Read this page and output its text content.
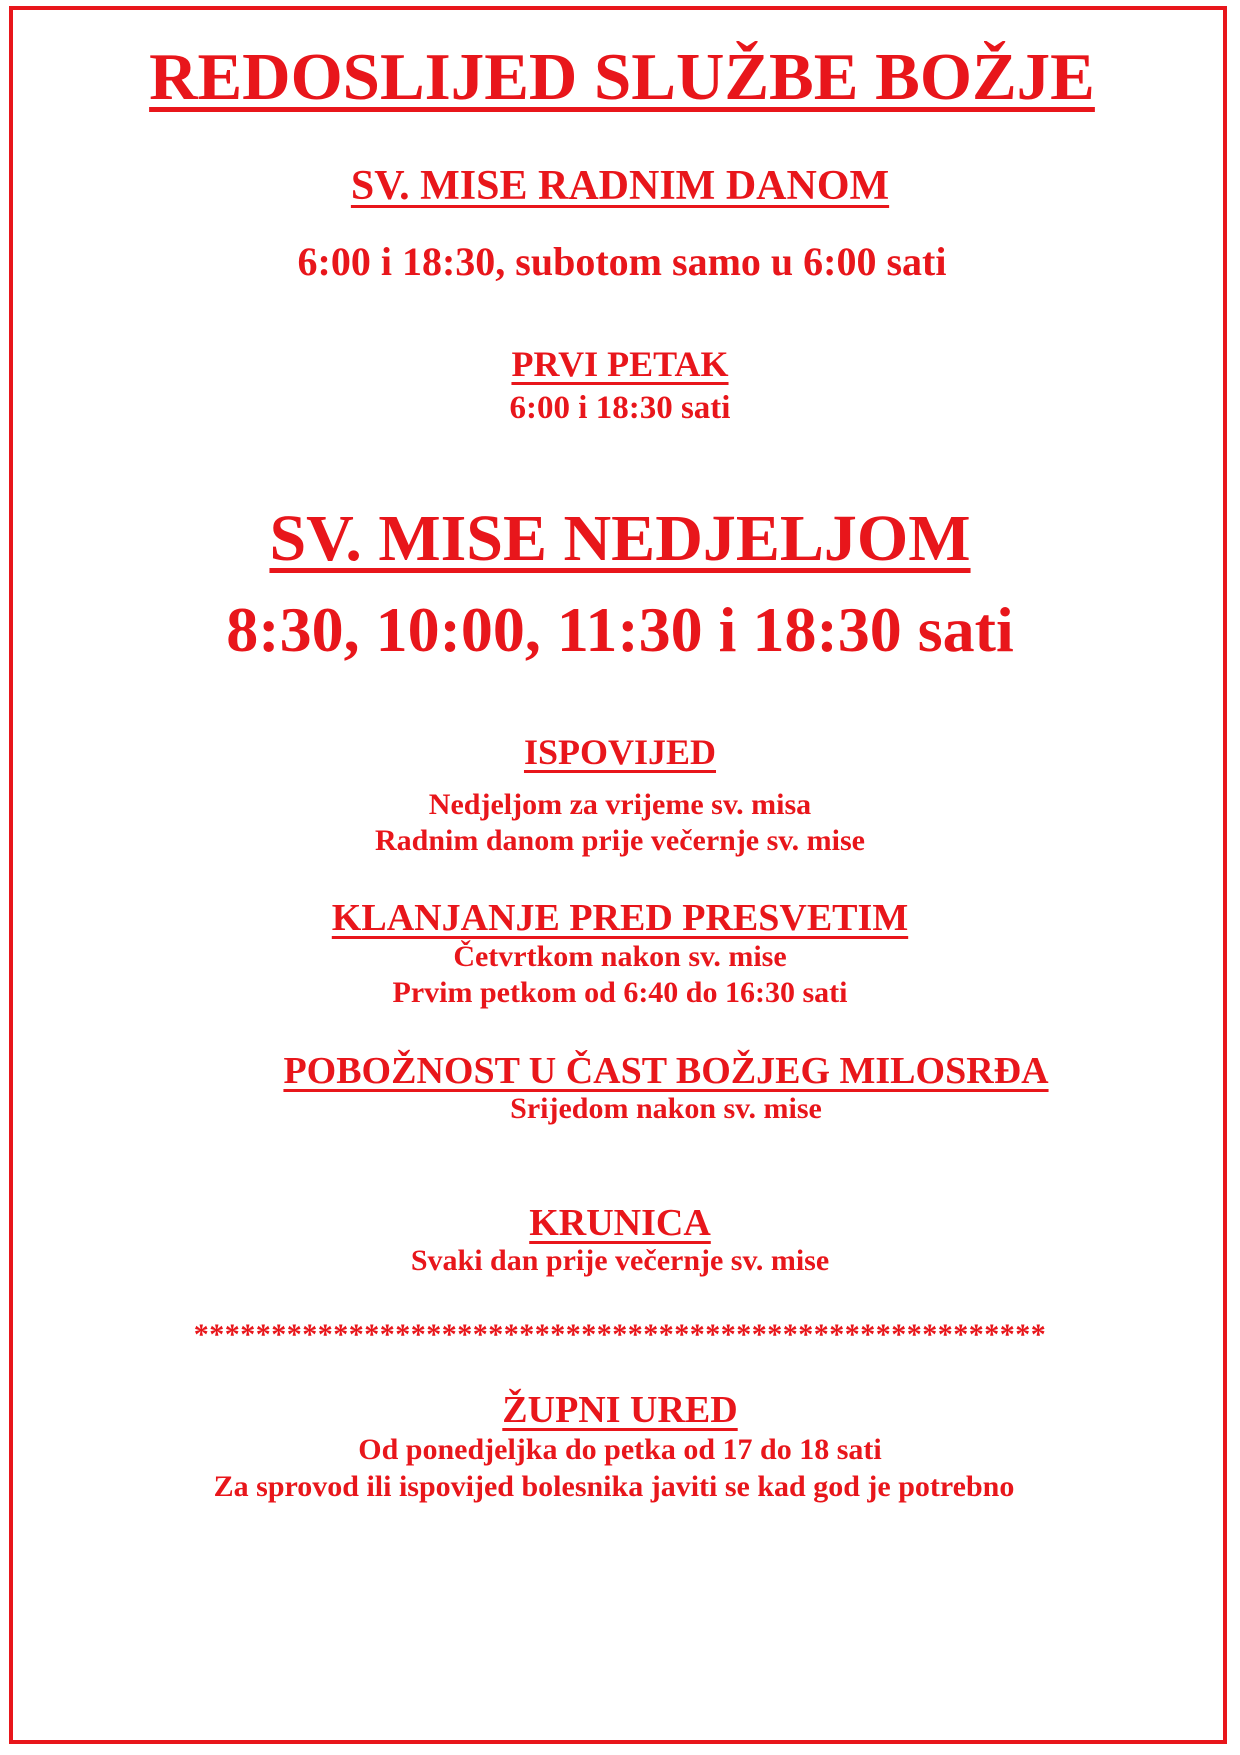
REDOSLIJED SLUŽBE BOŽJE
SV. MISE RADNIM DANOM
6:00 i 18:30, subotom samo u 6:00 sati
PRVI PETAK
6:00 i 18:30 sati
SV. MISE NEDJELJOM
8:30, 10:00, 11:30 i 18:30 sati
ISPOVIJED
Nedjeljom za vrijeme sv. misa
Radnim danom prije večernje sv. mise
KLANJANJE PRED PRESVETIM
Četvrtkom nakon sv. mise
Prvim petkom od 6:40 do 16:30 sati
POBOŽNOST U ČAST BOŽJEG MILOSRĐA
Srijedom nakon sv. mise
KRUNICA
Svaki dan prije večernje sv. mise
*******************************************************
ŽUPNI URED
Od ponedjeljka do petka od 17 do 18 sati
Za sprovod ili ispovijed bolesnika javiti se kad god je potrebno
